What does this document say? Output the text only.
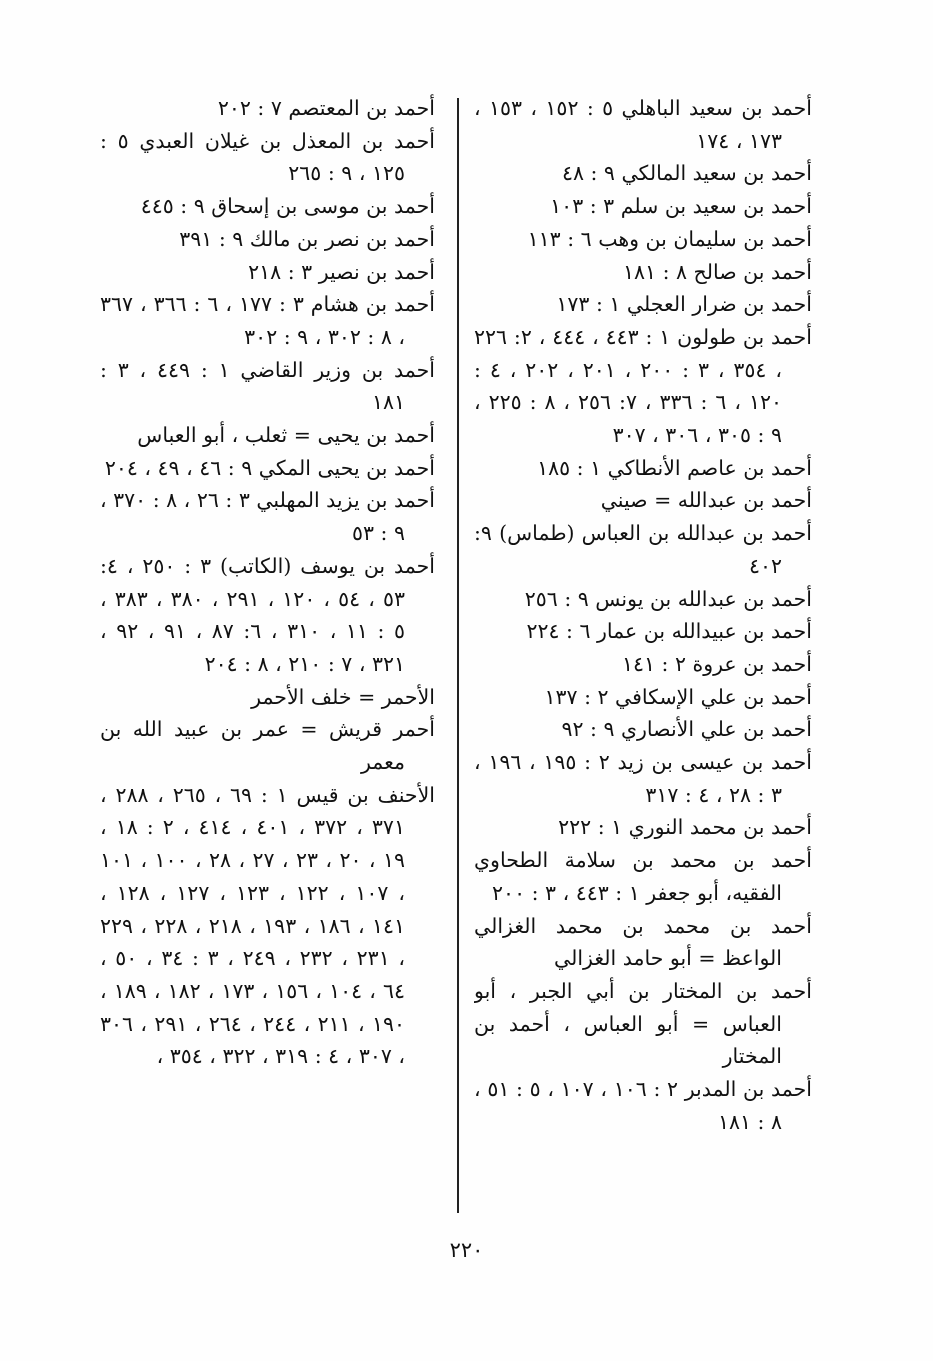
أحمد بن سعيد الباهلي ٥ : ١٥٢ ، ١٥٣ ، ١٧٣ ، ١٧٤

أحمد بن سعيد المالكي ٩ : ٤٨

أحمد بن سعيد بن سلم ٣ : ١٠٣

أحمد بن سليمان بن وهب ٦ : ١١٣

أحمد بن صالح ٨ : ١٨١

أحمد بن ضرار العجلي ١ : ١٧٣

أحمد بن طولون ١ : ٤٤٣ ، ٤٤٤ ، ٢: ٢٢٦ ، ٣٥٤ ، ٣ : ٢٠٠ ، ٢٠١ ، ٢٠٢ ، ٤ : ١٢٠ ، ٦ : ٣٣٦ ، ٧: ٢٥٦ ، ٨ : ٢٢٥ ، ٩ : ٣٠٥ ، ٣٠٦ ، ٣٠٧

أحمد بن عاصم الأنطاكي ١ : ١٨٥

أحمد بن عبدالله = صيني

أحمد بن عبدالله بن العباس (طماس) ٩: ٤٠٢

أحمد بن عبدالله بن يونس ٩ : ٢٥٦

أحمد بن عبيدالله بن عمار ٦ : ٢٢٤

أحمد بن عروة ٢ : ١٤١

أحمد بن علي الإسكافي ٢ : ١٣٧

أحمد بن علي الأنصاري ٩ : ٩٢

أحمد بن عيسى بن زيد ٢ : ١٩٥ ، ١٩٦ ، ٣ : ٢٨ ، ٤ : ٣١٧

أحمد بن محمد النوري ١ : ٢٢٢

أحمد بن محمد بن سلامة الطحاوي الفقيه، أبو جعفر ١ : ٤٤٣ ، ٣ : ٢٠٠

أحمد بن محمد بن محمد الغزالي الواعظ = أبو حامد الغزالي

أحمد بن المختار بن أبي الجبر ، أبو العباس = أبو العباس ، أحمد بن المختار

أحمد بن المدبر ٢ : ١٠٦ ، ١٠٧ ، ٥ : ٥١ ، ٨ : ١٨١

أحمد بن المعتصم ٧ : ٢٠٢

أحمد بن المعذل بن غيلان العبدي ٥ : ١٢٥ ، ٩ : ٢٦٥

أحمد بن موسى بن إسحاق ٩ : ٤٤٥

أحمد بن نصر بن مالك ٩ : ٣٩١

أحمد بن نصير ٣ : ٢١٨

أحمد بن هشام ٣ : ١٧٧ ، ٦ : ٣٦٦ ، ٣٦٧ ، ٨ : ٣٠٢ ، ٩ : ٣٠٢

أحمد بن وزير القاضي ١ : ٤٤٩ ، ٣ : ١٨١

أحمد بن يحيى = ثعلب ، أبو العباس

أحمد بن يحيى المكي ٩ : ٤٦ ، ٤٩ ، ٢٠٤

أحمد بن يزيد المهلبي ٣ : ٢٦ ، ٨ : ٣٧٠ ، ٩ : ٥٣

أحمد بن يوسف (الكاتب) ٣ : ٢٥٠ ، ٤: ٥٣ ، ٥٤ ، ١٢٠ ، ٢٩١ ، ٣٨٠ ، ٣٨٣ ، ٥ : ١١ ، ٣١٠ ، ٦: ٨٧ ، ٩١ ، ٩٢ ، ٣٢١ ، ٧ : ٢١٠ ، ٨ : ٢٠٤

الأحمر = خلف الأحمر

أحمر قريش = عمر بن عبيد الله بن معمر

الأحنف بن قيس ١ : ٦٩ ، ٢٦٥ ، ٢٨٨ ، ٣٧١ ، ٣٧٢ ، ٤٠١ ، ٤١٤ ، ٢ : ١٨ ، ١٩ ، ٢٠ ، ٢٣ ، ٢٧ ، ٢٨ ، ١٠٠ ، ١٠١ ، ١٠٧ ، ١٢٢ ، ١٢٣ ، ١٢٧ ، ١٢٨ ، ١٤١ ، ١٨٦ ، ١٩٣ ، ٢١٨ ، ٢٢٨ ، ٢٢٩ ، ٢٣١ ، ٢٣٢ ، ٢٤٩ ، ٣ : ٣٤ ، ٥٠ ، ٦٤ ، ١٠٤ ، ١٥٦ ، ١٧٣ ، ١٨٢ ، ١٨٩ ، ١٩٠ ، ٢١١ ، ٢٤٤ ، ٢٦٤ ، ٢٩١ ، ٣٠٦ ، ٣٠٧ ، ٤ : ٣١٩ ، ٣٢٢ ، ٣٥٤ ،

٢٢٠
